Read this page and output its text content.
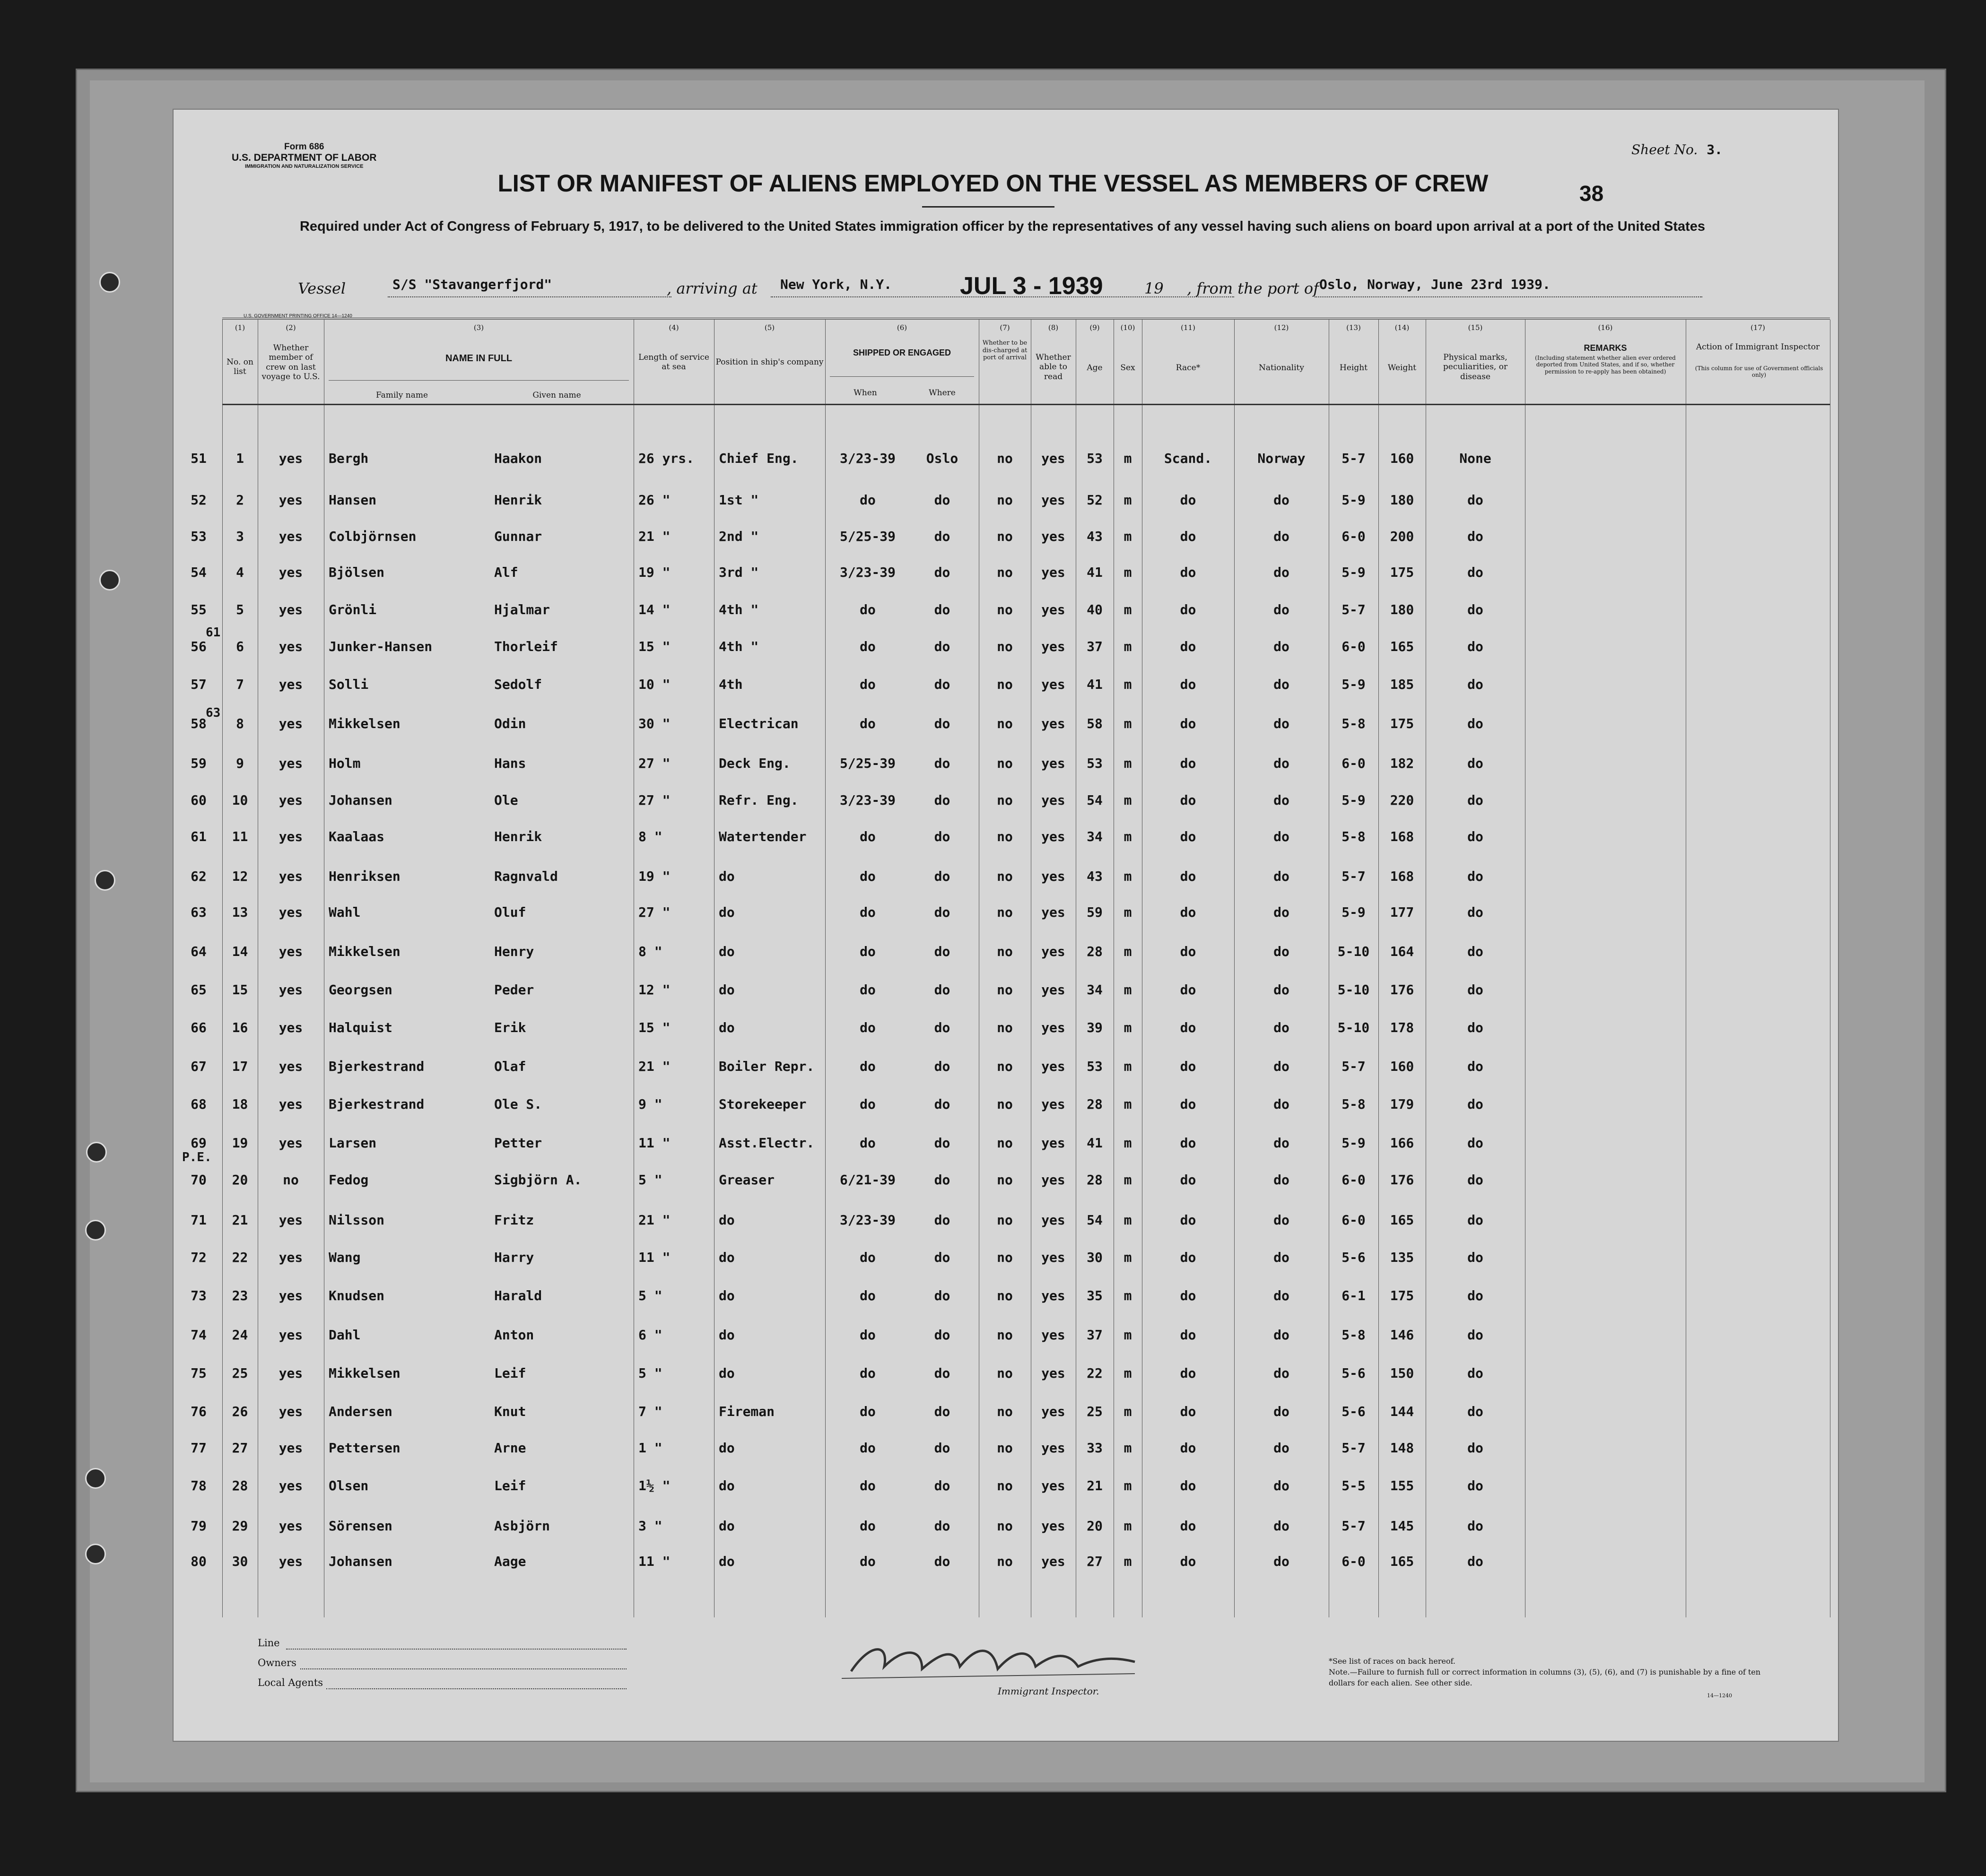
Form 686
U.S. DEPARTMENT OF LABOR
IMMIGRATION AND NATURALIZATION SERVICE
Sheet No. 3.
LIST OR MANIFEST OF ALIENS EMPLOYED ON THE VESSEL AS MEMBERS OF CREW	38
Required under Act of Congress of February 5, 1917, to be delivered to the United States immigration officer by the representatives of any vessel having such aliens on board upon arrival at a port of the United States
Vessel	S/S "Stavangerfjord"	, arriving at New York, N.Y.	JUL 3 - 1939	19 , from the port of Oslo, Norway, June 23rd 1939.
U.S. GOVERNMENT PRINTING OFFICE 14—1240
(1)	(2)	(3)	(4)	(5)	(6)	(7)	(8)	(9)	(10)	(11)	(12)	(13)	(14)	(15)	(16)	(17)
No. on list
Whether member of crew on last voyage to U.S.
NAME IN FULL
Family name	Given name
Length of service at sea
Position in ship's company
SHIPPED OR ENGAGED
When	Where
Whether to be dis-charged at port of arrival	Whether able to read
Age	Sex	Race*	Nationality	Height	Weight
Physical marks, peculiarities, or disease
REMARKS
(Including statement whether alien ever ordered deported from United States, and if so, whether permission to re-apply has been obtained)
Action of Immigrant Inspector
(This column for use of Government officials only)
51	1	yes	Bergh	Haakon	26 yrs.	Chief Eng.	3/23-39	Oslo	no	yes	53	m	Scand.	Norway	5-7	160	None
52	2	yes	Hansen	Henrik	26 "	1st "	do	do	no	yes	52	m	do	do	5-9	180	do
53	3	yes	Colbjörnsen	Gunnar	21 "	2nd "	5/25-39	do	no	yes	43	m	do	do	6-0	200	do
54	4	yes	Bjölsen	Alf	19 "	3rd "	3/23-39	do	no	yes	41	m	do	do	5-9	175	do
55	5	yes	Grönli	Hjalmar	14 "	4th "	do	do	no	yes	40	m	do	do	5-7	180	do
56	6	yes	Junker-Hansen	Thorleif	15 "	4th "	do	do	no	yes	37	m	do	do	6-0	165	do
57	7	yes	Solli	Sedolf	10 "	4th	do	do	no	yes	41	m	do	do	5-9	185	do
58	8	yes	Mikkelsen	Odin	30 "	Electrican	do	do	no	yes	58	m	do	do	5-8	175	do
59	9	yes	Holm	Hans	27 "	Deck Eng.	5/25-39	do	no	yes	53	m	do	do	6-0	182	do
60	10	yes	Johansen	Ole	27 "	Refr. Eng.	3/23-39	do	no	yes	54	m	do	do	5-9	220	do
61	11	yes	Kaalaas	Henrik	8 "	Watertender	do	do	no	yes	34	m	do	do	5-8	168	do
62	12	yes	Henriksen	Ragnvald	19 "	do	do	do	no	yes	43	m	do	do	5-7	168	do
63	13	yes	Wahl	Oluf	27 "	do	do	do	no	yes	59	m	do	do	5-9	177	do
64	14	yes	Mikkelsen	Henry	8 "	do	do	do	no	yes	28	m	do	do	5-10	164	do
65	15	yes	Georgsen	Peder	12 "	do	do	do	no	yes	34	m	do	do	5-10	176	do
66	16	yes	Halquist	Erik	15 "	do	do	do	no	yes	39	m	do	do	5-10	178	do
67	17	yes	Bjerkestrand	Olaf	21 "	Boiler Repr.	do	do	no	yes	53	m	do	do	5-7	160	do
68	18	yes	Bjerkestrand	Ole S.	9 "	Storekeeper	do	do	no	yes	28	m	do	do	5-8	179	do
69	19	yes	Larsen	Petter	11 "	Asst.Electr.	do	do	no	yes	41	m	do	do	5-9	166	do
70	20	no	Fedog	Sigbjörn A.	5 "	Greaser	6/21-39	do	no	yes	28	m	do	do	6-0	176	do
71	21	yes	Nilsson	Fritz	21 "	do	3/23-39	do	no	yes	54	m	do	do	6-0	165	do
72	22	yes	Wang	Harry	11 "	do	do	do	no	yes	30	m	do	do	5-6	135	do
73	23	yes	Knudsen	Harald	5 "	do	do	do	no	yes	35	m	do	do	6-1	175	do
74	24	yes	Dahl	Anton	6 "	do	do	do	no	yes	37	m	do	do	5-8	146	do
75	25	yes	Mikkelsen	Leif	5 "	do	do	do	no	yes	22	m	do	do	5-6	150	do
76	26	yes	Andersen	Knut	7 "	Fireman	do	do	no	yes	25	m	do	do	5-6	144	do
77	27	yes	Pettersen	Arne	1 "	do	do	do	no	yes	33	m	do	do	5-7	148	do
78	28	yes	Olsen	Leif	1½ "	do	do	do	no	yes	21	m	do	do	5-5	155	do
79	29	yes	Sörensen	Asbjörn	3 "	do	do	do	no	yes	20	m	do	do	5-7	145	do
80	30	yes	Johansen	Aage	11 "	do	do	do	no	yes	27	m	do	do	6-0	165	do
61
63
P.E.
Line
Owners
Local Agents
Immigrant Inspector.
*See list of races on back hereof.
Note.—Failure to furnish full or correct information in columns (3), (5), (6), and (7) is punishable by a fine of ten dollars for each alien. See other side.
14—1240
